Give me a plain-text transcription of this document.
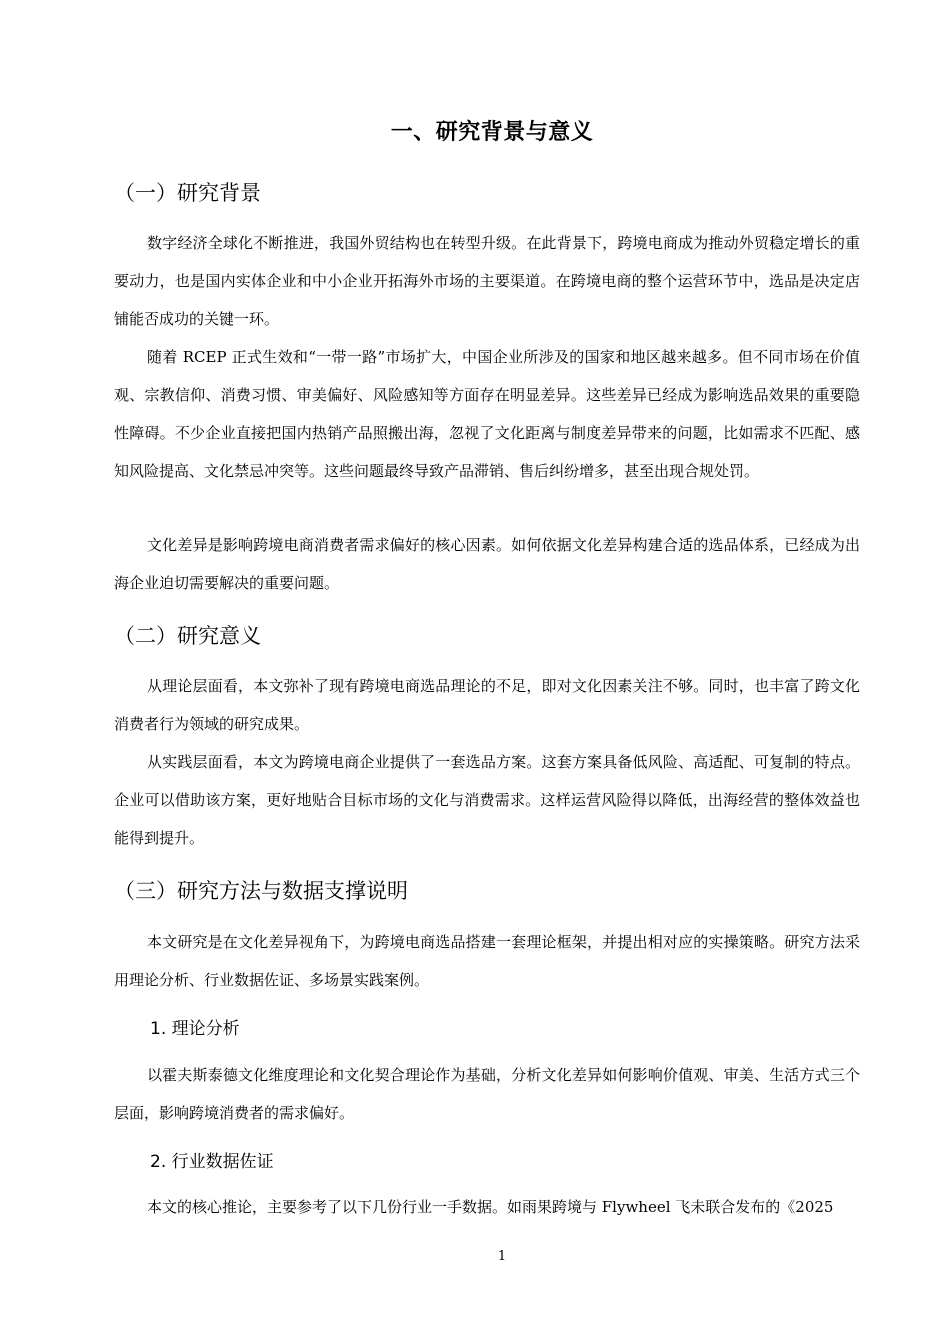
一、研究背景与意义
（一）研究背景

数字经济全球化不断推进，我国外贸结构也在转型升级。在此背景下，跨境电商成为推动外贸稳定增长的重要动力，也是国内实体企业和中小企业开拓海外市场的主要渠道。在跨境电商的整个运营环节中，选品是决定店铺能否成功的关键一环。

随着 RCEP 正式生效和“一带一路”市场扩大，中国企业所涉及的国家和地区越来越多。但不同市场在价值观、宗教信仰、消费习惯、审美偏好、风险感知等方面存在明显差异。这些差异已经成为影响选品效果的重要隐性障碍。不少企业直接把国内热销产品照搬出海，忽视了文化距离与制度差异带来的问题，比如需求不匹配、感知风险提高、文化禁忌冲突等。这些问题最终导致产品滞销、售后纠纷增多，甚至出现合规处罚。

文化差异是影响跨境电商消费者需求偏好的核心因素。如何依据文化差异构建合适的选品体系，已经成为出海企业迫切需要解决的重要问题。

（二）研究意义

从理论层面看，本文弥补了现有跨境电商选品理论的不足，即对文化因素关注不够。同时，也丰富了跨文化消费者行为领域的研究成果。

从实践层面看，本文为跨境电商企业提供了一套选品方案。这套方案具备低风险、高适配、可复制的特点。企业可以借助该方案，更好地贴合目标市场的文化与消费需求。这样运营风险得以降低，出海经营的整体效益也能得到提升。

（三）研究方法与数据支撑说明

本文研究是在文化差异视角下，为跨境电商选品搭建一套理论框架，并提出相对应的实操策略。研究方法采用理论分析、行业数据佐证、多场景实践案例。

1. 理论分析

以霍夫斯泰德文化维度理论和文化契合理论作为基础，分析文化差异如何影响价值观、审美、生活方式三个层面，影响跨境消费者的需求偏好。

2. 行业数据佐证

本文的核心推论，主要参考了以下几份行业一手数据。如雨果跨境与 Flywheel 飞未联合发布的《2025

1
